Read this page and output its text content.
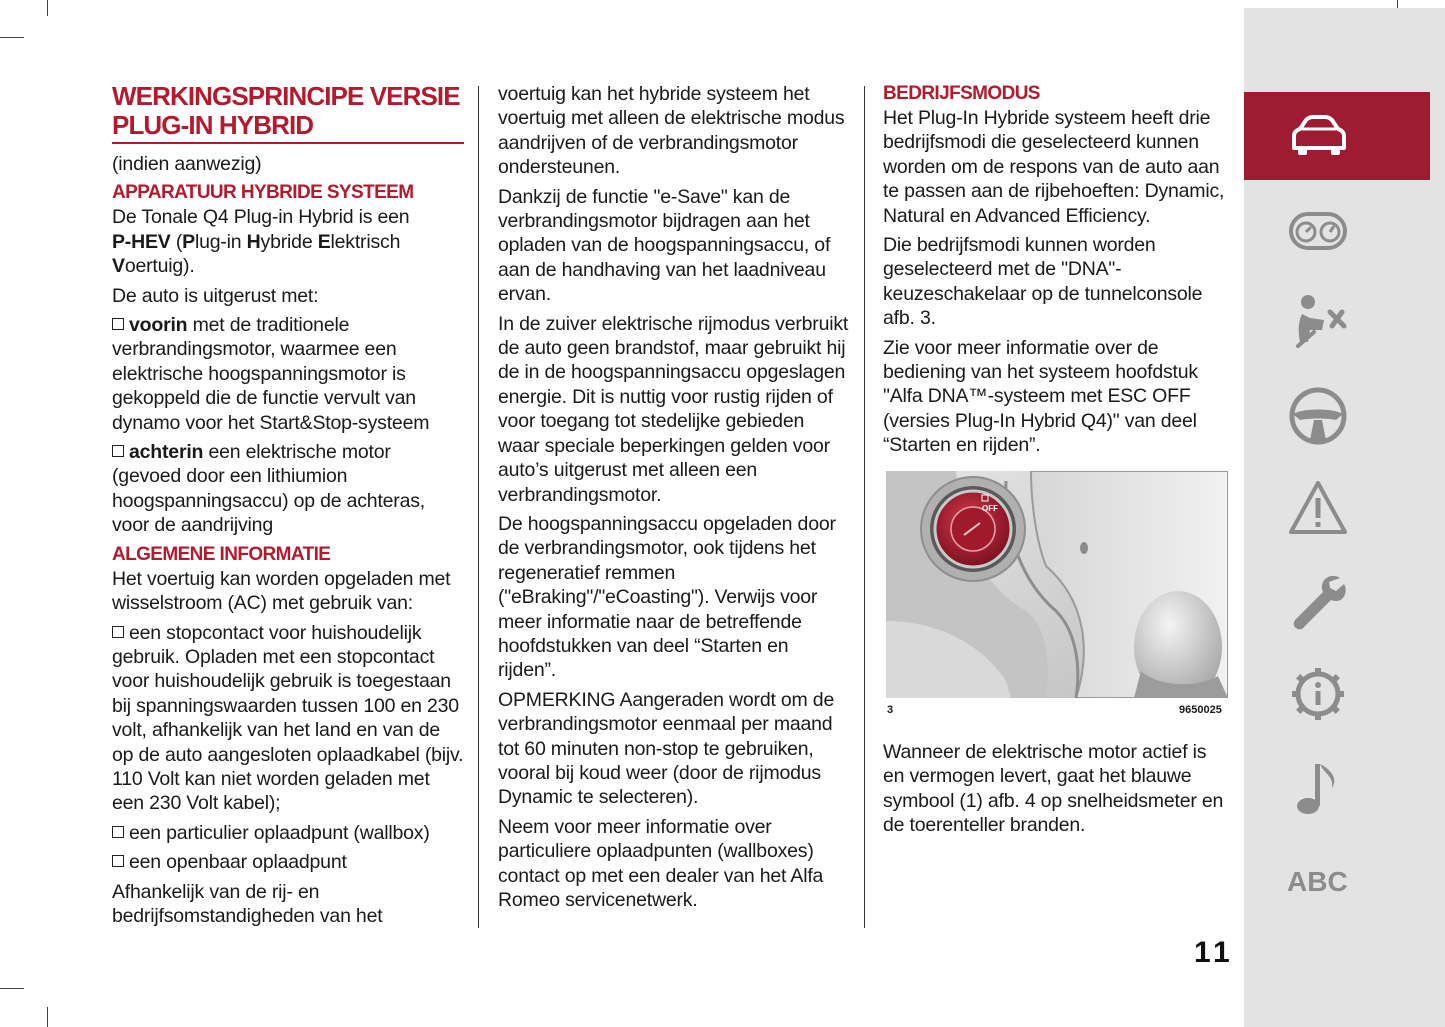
WERKINGSPRINCIPE VERSIE
PLUG-IN HYBRID

(indien aanwezig)

APPARATUUR HYBRIDE SYSTEEM

De Tonale Q4 Plug-in Hybrid is een
P-HEV (Plug-in Hybride Elektrisch
Voertuig).

De auto is uitgerust met:

voorin met de traditionele verbrandingsmotor, waarmee een elektrische hoogspanningsmotor is gekoppeld die de functie vervult van dynamo voor het Start&Stop-systeem

achterin een elektrische motor (gevoed door een lithiumion hoogspanningsaccu) op de achteras, voor de aandrijving

ALGEMENE INFORMATIE

Het voertuig kan worden opgeladen met wisselstroom (AC) met gebruik van:

een stopcontact voor huishoudelijk gebruik. Opladen met een stopcontact voor huishoudelijk gebruik is toegestaan bij spanningswaarden tussen 100 en 230 volt, afhankelijk van het land en van de op de auto aangesloten oplaadkabel (bijv. 110 Volt kan niet worden geladen met een 230 Volt kabel);

een particulier oplaadpunt (wallbox)

een openbaar oplaadpunt

Afhankelijk van de rij- en bedrijfsomstandigheden van het

voertuig kan het hybride systeem het voertuig met alleen de elektrische modus aandrijven of de verbrandingsmotor ondersteunen.

Dankzij de functie "e-Save" kan de verbrandingsmotor bijdragen aan het opladen van de hoogspanningsaccu, of aan de handhaving van het laadniveau ervan.

In de zuiver elektrische rijmodus verbruikt de auto geen brandstof, maar gebruikt hij de in de hoogspanningsaccu opgeslagen energie. Dit is nuttig voor rustig rijden of voor toegang tot stedelijke gebieden waar speciale beperkingen gelden voor auto’s uitgerust met alleen een verbrandingsmotor.

De hoogspanningsaccu opgeladen door de verbrandingsmotor, ook tijdens het regeneratief remmen ("eBraking"/"eCoasting"). Verwijs voor meer informatie naar de betreffende hoofdstukken van deel “Starten en rijden”.

OPMERKING Aangeraden wordt om de verbrandingsmotor eenmaal per maand tot 60 minuten non-stop te gebruiken, vooral bij koud weer (door de rijmodus Dynamic te selecteren).

Neem voor meer informatie over particuliere oplaadpunten (wallboxes) contact op met een dealer van het Alfa Romeo servicenetwerk.

BEDRIJFSMODUS

Het Plug-In Hybride systeem heeft drie bedrijfsmodi die geselecteerd kunnen worden om de respons van de auto aan te passen aan de rijbehoeften: Dynamic, Natural en Advanced Efficiency.

Die bedrijfsmodi kunnen worden geselecteerd met de "DNA"-keuzeschakelaar op de tunnelconsole afb. 3.

Zie voor meer informatie over de bediening van het systeem hoofdstuk "Alfa DNA™-systeem met ESC OFF (versies Plug-In Hybrid Q4)" van deel “Starten en rijden”.

OFF
3	9650025

Wanneer de elektrische motor actief is en vermogen levert, gaat het blauwe symbool (1) afb. 4 op snelheidsmeter en de toerenteller branden.

ABC
11
